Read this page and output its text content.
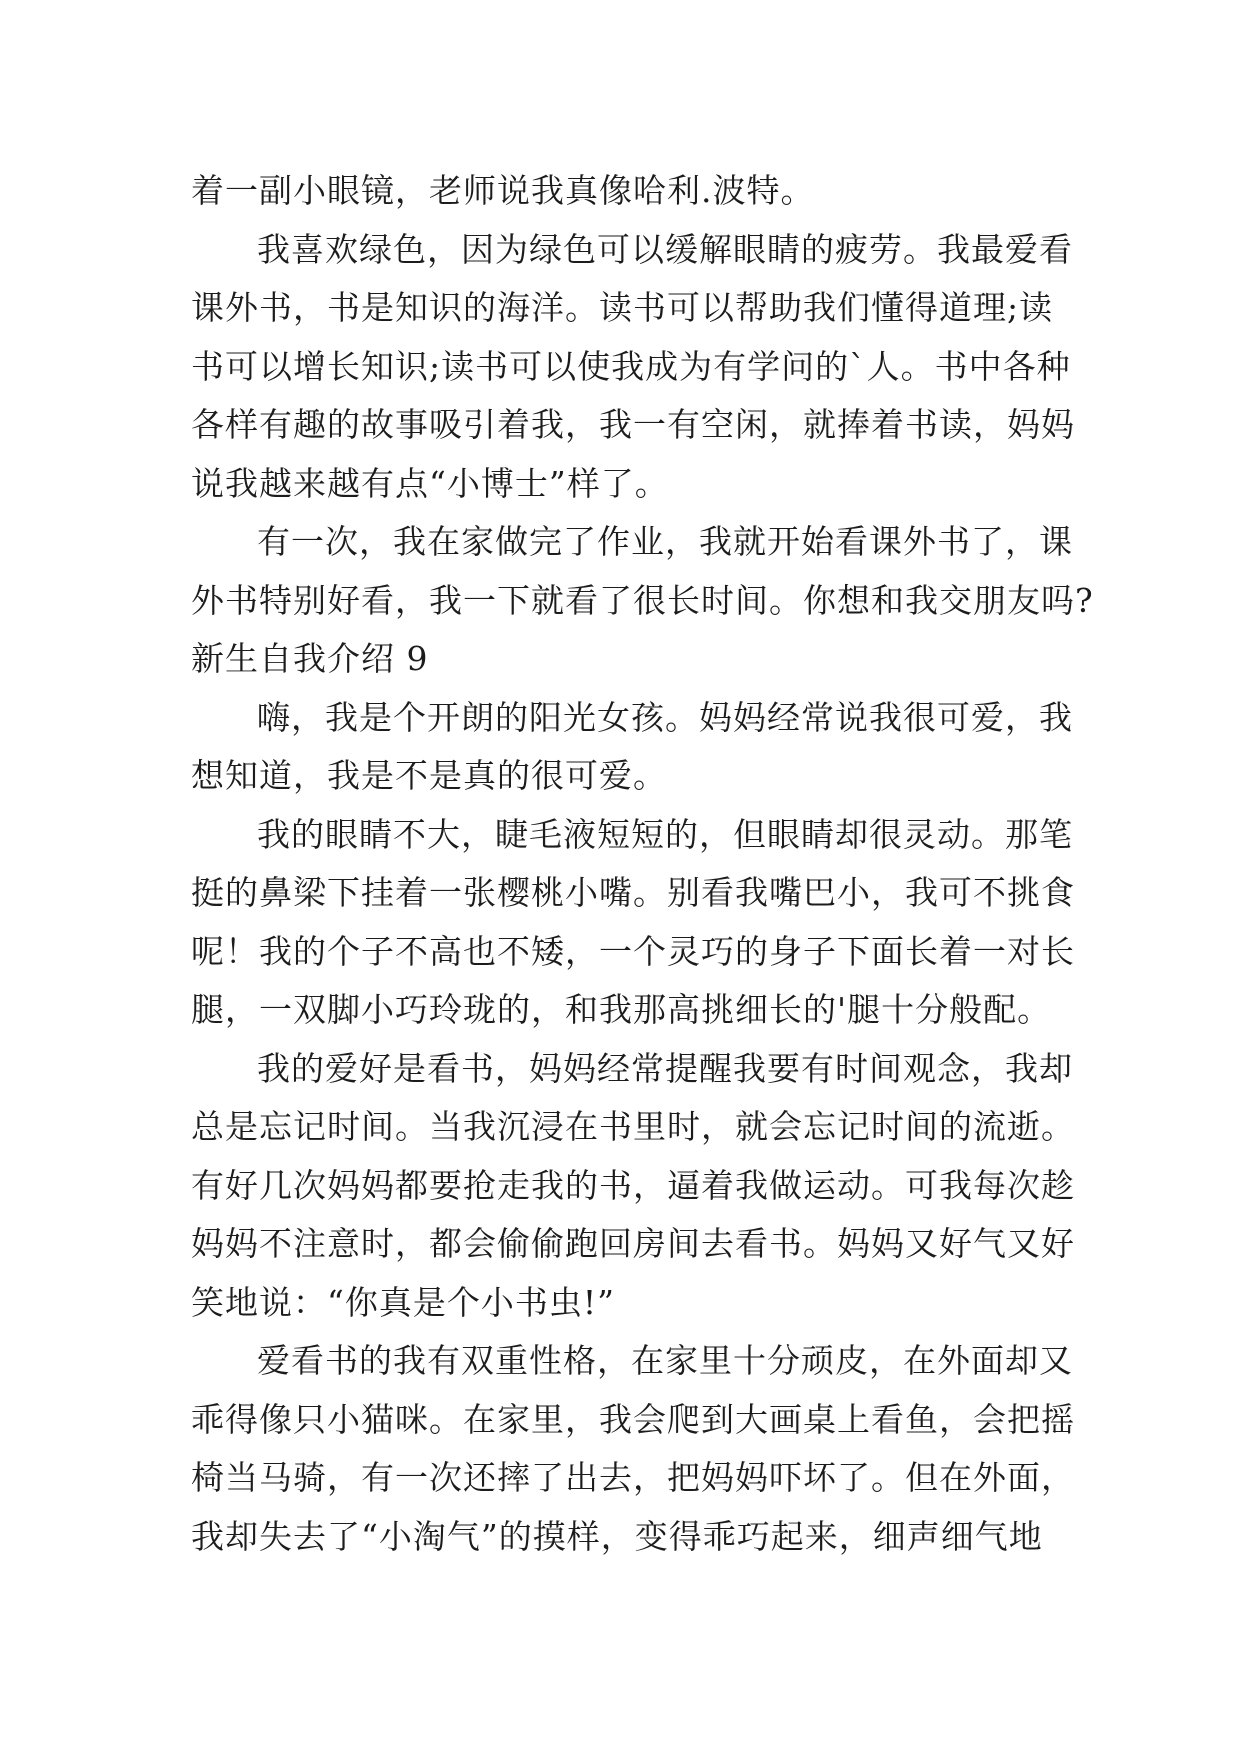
着一副小眼镜，老师说我真像哈利.波特。
我喜欢绿色，因为绿色可以缓解眼睛的疲劳。我最爱看
课外书，书是知识的海洋。读书可以帮助我们懂得道理;读
书可以增长知识;读书可以使我成为有学问的`人。书中各种
各样有趣的故事吸引着我，我一有空闲，就捧着书读，妈妈
说我越来越有点“小博士”样了。
有一次，我在家做完了作业，我就开始看课外书了，课
外书特别好看，我一下就看了很长时间。你想和我交朋友吗?
新生自我介绍 9
嗨，我是个开朗的阳光女孩。妈妈经常说我很可爱，我
想知道，我是不是真的很可爱。
我的眼睛不大，睫毛液短短的，但眼睛却很灵动。那笔
挺的鼻梁下挂着一张樱桃小嘴。别看我嘴巴小，我可不挑食
呢！我的个子不高也不矮，一个灵巧的身子下面长着一对长
腿，一双脚小巧玲珑的，和我那高挑细长的'腿十分般配。
我的爱好是看书，妈妈经常提醒我要有时间观念，我却
总是忘记时间。当我沉浸在书里时，就会忘记时间的流逝。
有好几次妈妈都要抢走我的书，逼着我做运动。可我每次趁
妈妈不注意时，都会偷偷跑回房间去看书。妈妈又好气又好
笑地说：“你真是个小书虫!”
爱看书的我有双重性格，在家里十分顽皮，在外面却又
乖得像只小猫咪。在家里，我会爬到大画桌上看鱼，会把摇
椅当马骑，有一次还摔了出去，把妈妈吓坏了。但在外面，
我却失去了“小淘气”的摸样，变得乖巧起来，细声细气地
